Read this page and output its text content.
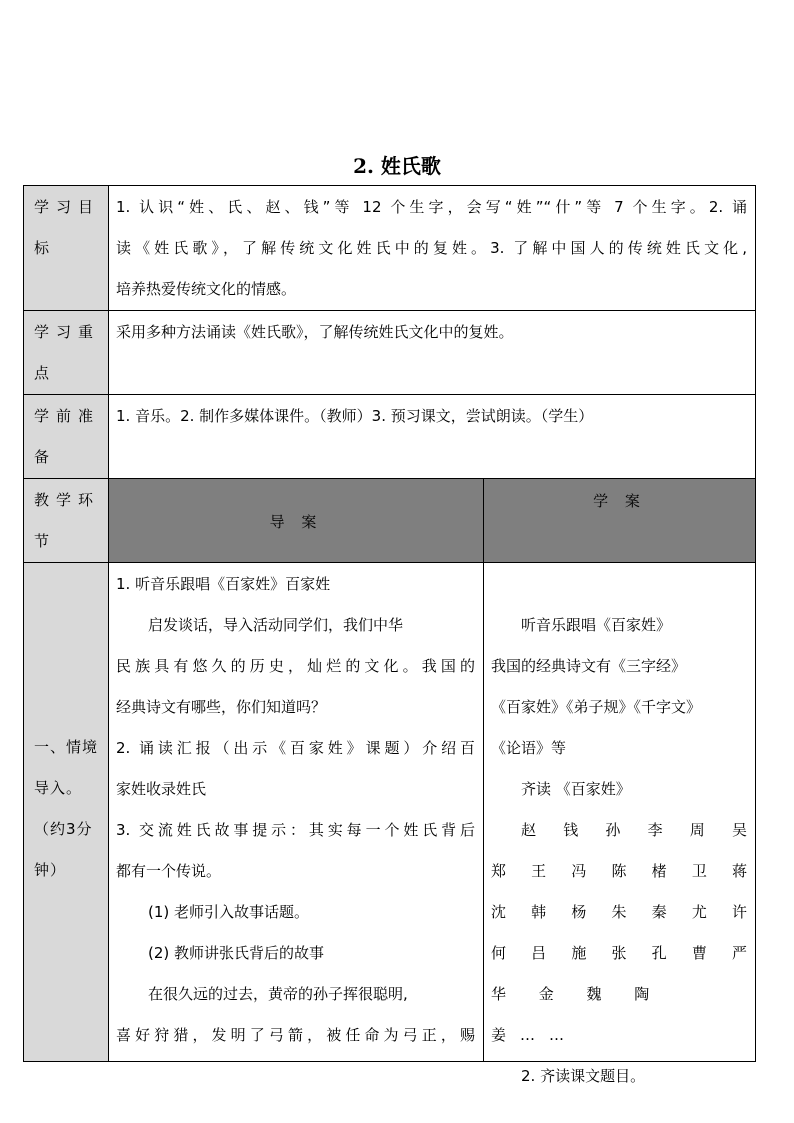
2. 姓氏歌
学习目标

1. 认识“姓、氏、赵、钱”等 12 个生字，会写“姓”“什”等 7 个生字。2. 诵

读《姓氏歌》，了解传统文化姓氏中的复姓。3. 了解中国人的传统姓氏文化,

培养热爱传统文化的情感。

学习重点

采用多种方法诵读《姓氏歌》，了解传统姓氏文化中的复姓。

学前准备

1. 音乐。2. 制作多媒体课件。（教师）3. 预习课文，尝试朗读。（学生）

教学环节
导 案
学 案
一、情境导入。（约3分钟）

1. 听音乐跟唱《百家姓》百家姓

启发谈话，导入活动同学们，我们中华

民族具有悠久的历史，灿烂的文化。我国的

经典诗文有哪些，你们知道吗？

2. 诵读汇报（出示《百家姓》课题）介绍百

家姓收录姓氏

3. 交流姓氏故事提示：其实每一个姓氏背后

都有一个传说。

(1) 老师引入故事话题。

(2) 教师讲张氏背后的故事

在很久远的过去，黄帝的孙子挥很聪明,

喜好狩猎，发明了弓箭，被任命为弓正，赐

听音乐跟唱《百家姓》

我国的经典诗文有《三字经》

《百家姓》《弟子规》《千字文》

《论语》等

齐读 《百家姓》

赵 钱 孙 李 周 吴

郑 王 冯 陈 楮 卫 蒋

沈 韩 杨 朱 秦 尤 许

何 吕 施 张 孔 曹 严

华 金 魏 陶 姜……

2. 齐读课文题目。
